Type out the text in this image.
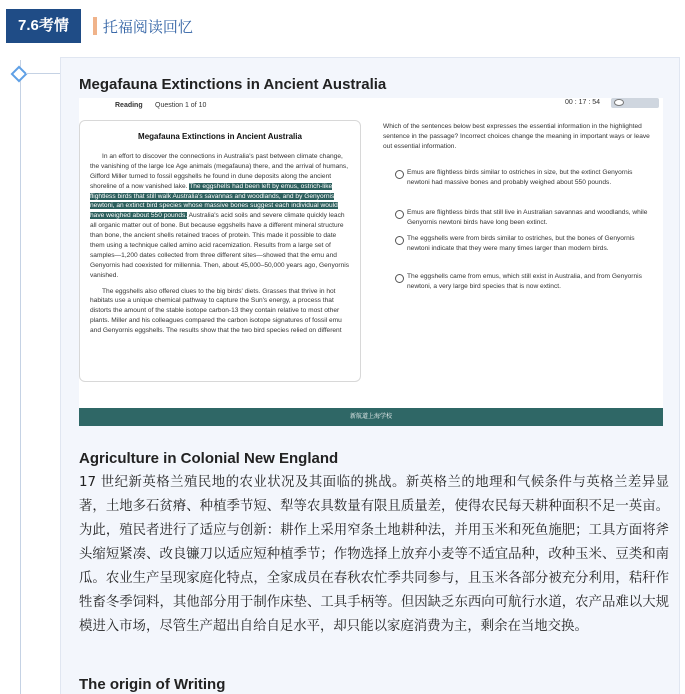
7.6考情	托福阅读回忆
Megafauna Extinctions in Ancient Australia
Reading Question 1 of 10	00 : 17 : 54
Megafauna Extinctions in Ancient Australia

In an effort to discover the connections in Australia's past between climate change, the vanishing of the large Ice Age animals (megafauna) there, and the arrival of humans, Gifford Miller turned to fossil eggshells he found in dune deposits along the ancient shoreline of a now vanished lake. The eggshells had been left by emus, ostrich-like flightless birds that still walk Australia's savannas and woodlands, and by Genyornis newtoni, an extinct bird species whose massive bones suggest each individual would have weighed about 550 pounds. Australia's acid soils and severe climate quickly leach all organic matter out of bone. But because eggshells have a different mineral structure than bone, the ancient shells retained traces of protein. This made it possible to date them using a technique called amino acid racemization. Results from a large set of samples—1,200 dates collected from three different sites—showed that the emu and Genyornis had coexisted for millennia. Then, about 45,000–50,000 years ago, Genyornis vanished.

The eggshells also offered clues to the big birds' diets. Grasses that thrive in hot habitats use a unique chemical pathway to capture the Sun's energy, a process that distorts the amount of the stable isotope carbon-13 they contain relative to most other plants. Miller and his colleagues compared the carbon isotope signatures of fossil emu and Genyornis eggshells. The results show that the two bird species relied on different

Which of the sentences below best expresses the essential information in the highlighted sentence in the passage? Incorrect choices change the meaning in important ways or leave out essential information.
Emus are flightless birds similar to ostriches in size, but the extinct Genyornis newtoni had massive bones and probably weighed about 550 pounds.
Emus are flightless birds that still live in Australian savannas and woodlands, while Genyornis newtoni birds have long been extinct.
The eggshells were from birds similar to ostriches, but the bones of Genyornis newtoni indicate that they were many times larger than modern birds.
The eggshells came from emus, which still exist in Australia, and from Genyornis newtoni, a very large bird species that is now extinct.
新航道上海学校
Agriculture in Colonial New England
17 世纪新英格兰殖民地的农业状况及其面临的挑战。新英格兰的地理和气候条件与英格兰差异显著，土地多石贫瘠、种植季节短、犁等农具数量有限且质量差，使得农民每天耕种面积不足一英亩。为此，殖民者进行了适应与创新：耕作上采用窄条土地耕种法，并用玉米和死鱼施肥；工具方面将斧头缩短紧凑、改良镰刀以适应短种植季节；作物选择上放弃小麦等不适宜品种，改种玉米、豆类和南瓜。农业生产呈现家庭化特点，全家成员在春秋农忙季共同参与，且玉米各部分被充分利用，秸秆作牲畜冬季饲料，其他部分用于制作床垫、工具手柄等。但因缺乏东西向可航行水道，农产品难以大规模进入市场，尽管生产超出自给自足水平，却只能以家庭消费为主，剩余在当地交换。
The origin of Writing
